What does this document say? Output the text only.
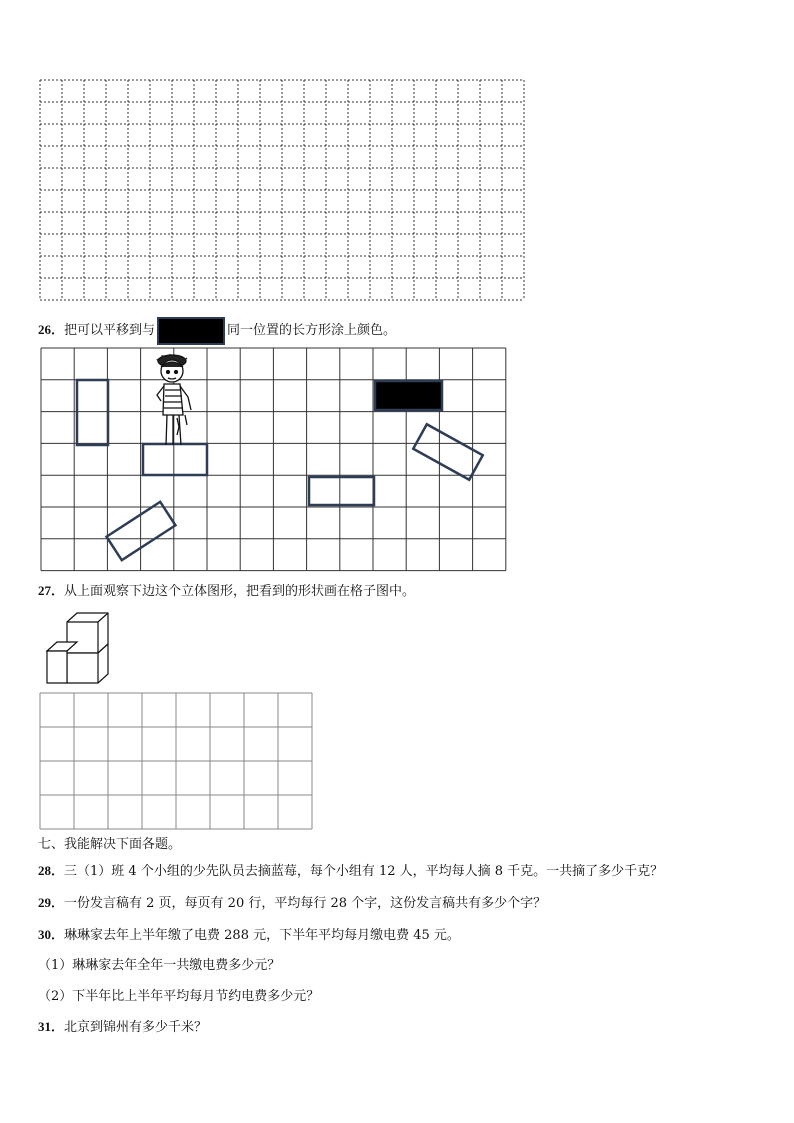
26．把可以平移到与	同一位置的长方形涂上颜色。
27．从上面观察下边这个立体图形，把看到的形状画在格子图中。
七、我能解决下面各题。
28．三（1）班 4 个小组的少先队员去摘蓝莓，每个小组有 12 人，平均每人摘 8 千克。一共摘了多少千克？
29．一份发言稿有 2 页，每页有 20 行，平均每行 28 个字，这份发言稿共有多少个字？
30．琳琳家去年上半年缴了电费 288 元，下半年平均每月缴电费 45 元。
（1）琳琳家去年全年一共缴电费多少元？
（2）下半年比上半年平均每月节约电费多少元？
31．北京到锦州有多少千米？
